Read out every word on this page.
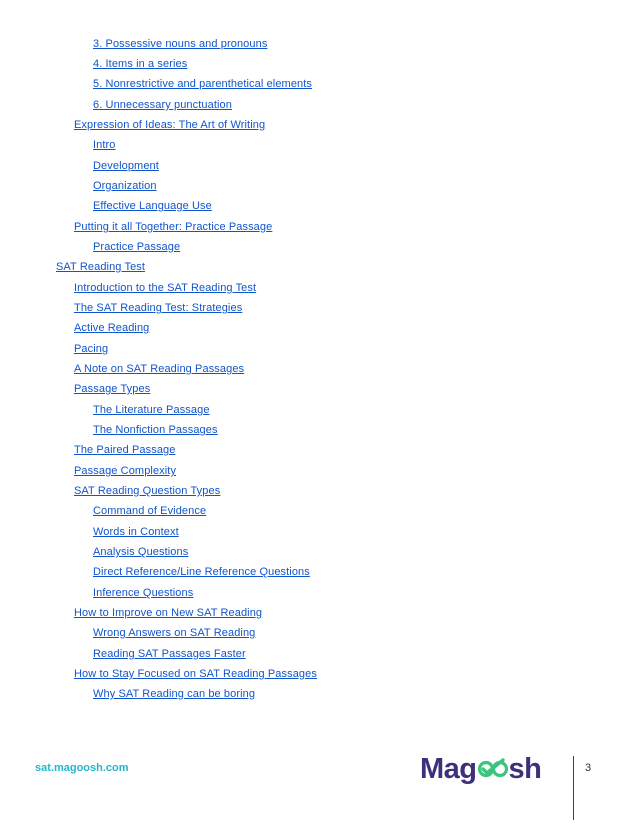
3. Possessive nouns and pronouns
4. Items in a series
5. Nonrestrictive and parenthetical elements
6. Unnecessary punctuation
Expression of Ideas: The Art of Writing
Intro
Development
Organization
Effective Language Use
Putting it all Together: Practice Passage
Practice Passage
SAT Reading Test
Introduction to the SAT Reading Test
The SAT Reading Test: Strategies
Active Reading
Pacing
A Note on SAT Reading Passages
Passage Types
The Literature Passage
The Nonfiction Passages
The Paired Passage
Passage Complexity
SAT Reading Question Types
Command of Evidence
Words in Context
Analysis Questions
Direct Reference/Line Reference Questions
Inference Questions
How to Improve on New SAT Reading
Wrong Answers on SAT Reading
Reading SAT Passages Faster
How to Stay Focused on SAT Reading Passages
Why SAT Reading can be boring
sat.magoosh.com	Mag sh	3
